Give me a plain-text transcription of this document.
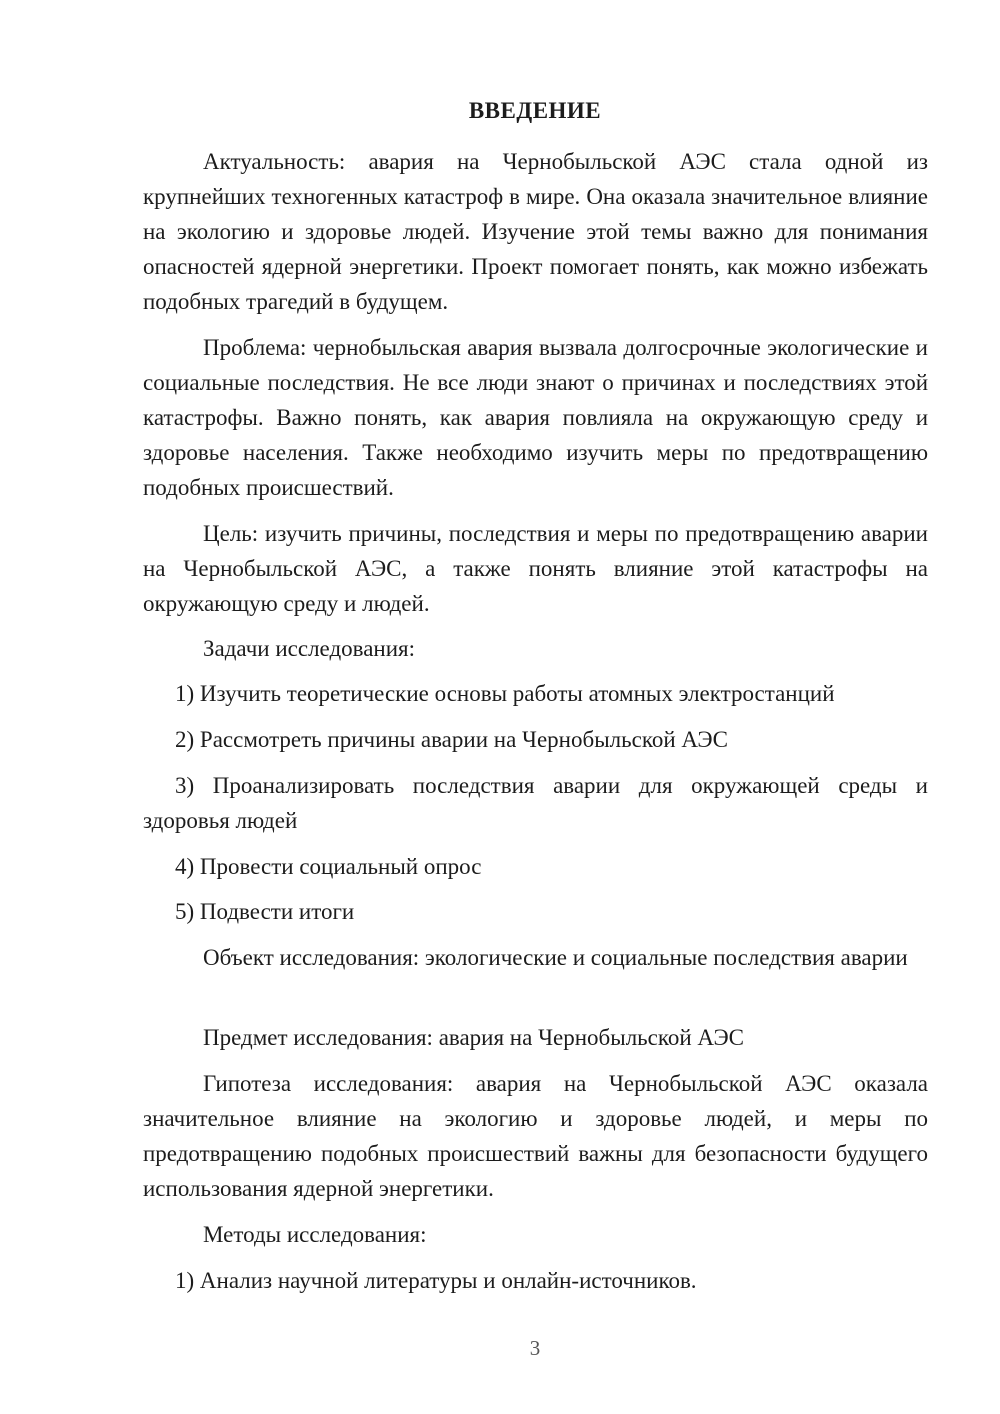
ВВЕДЕНИЕ
Актуальность: авария на Чернобыльской АЭС стала одной из крупнейших техногенных катастроф в мире. Она оказала значительное влияние на экологию и здоровье людей. Изучение этой темы важно для понимания опасностей ядерной энергетики. Проект помогает понять, как можно избежать подобных трагедий в будущем.
Проблема: чернобыльская авария вызвала долгосрочные экологические и социальные последствия. Не все люди знают о причинах и последствиях этой катастрофы. Важно понять, как авария повлияла на окружающую среду и здоровье населения. Также необходимо изучить меры по предотвращению подобных происшествий.
Цель: изучить причины, последствия и меры по предотвращению аварии на Чернобыльской АЭС, а также понять влияние этой катастрофы на окружающую среду и людей.
Задачи исследования:
1) Изучить теоретические основы работы атомных электростанций
2) Рассмотреть причины аварии на Чернобыльской АЭС
3) Проанализировать последствия аварии для окружающей среды и здоровья людей
4) Провести социальный опрос
5) Подвести итоги
Объект исследования: экологические и социальные последствия аварии
Предмет исследования: авария на Чернобыльской АЭС
Гипотеза исследования: авария на Чернобыльской АЭС оказала значительное влияние на экологию и здоровье людей, и меры по предотвращению подобных происшествий важны для безопасности будущего использования ядерной энергетики.
Методы исследования:
1) Анализ научной литературы и онлайн-источников.
3
